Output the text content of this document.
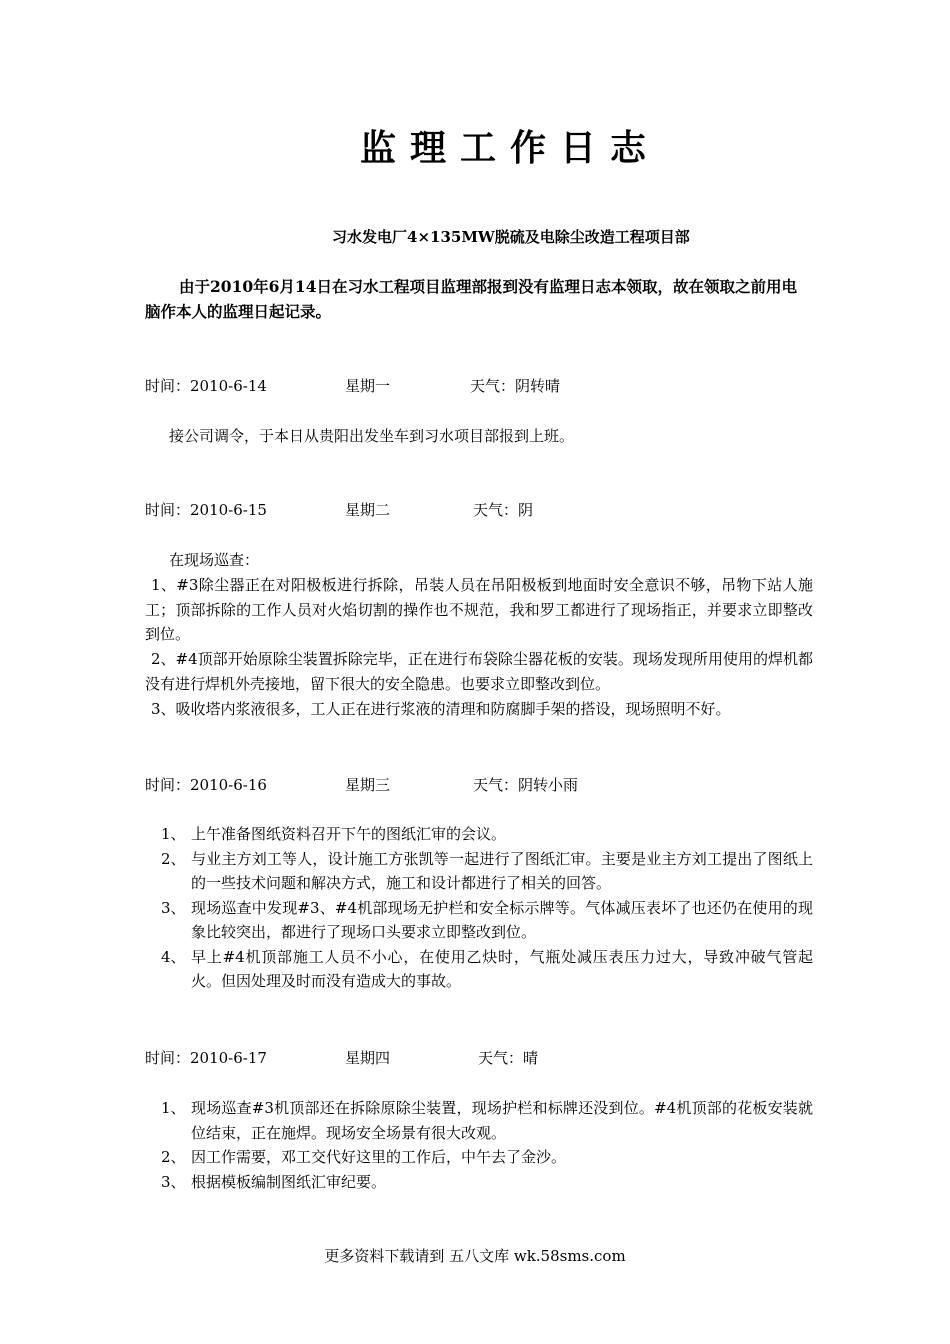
监理工作日志
习水发电厂4×135MW脱硫及电除尘改造工程项目部
由于2010年6月14日在习水工程项目监理部报到没有监理日志本领取，故在领取之前用电脑作本人的监理日起记录。
时间：2010-6-14	星期一	天气：阴转晴
接公司调令，于本日从贵阳出发坐车到习水项目部报到上班。
时间：2010-6-15	星期二	天气：阴
在现场巡查：
1、#3除尘器正在对阳极板进行拆除，吊装人员在吊阳极板到地面时安全意识不够，吊物下站人施工；顶部拆除的工作人员对火焰切割的操作也不规范，我和罗工都进行了现场指正，并要求立即整改到位。
2、#4顶部开始原除尘装置拆除完毕，正在进行布袋除尘器花板的安装。现场发现所用使用的焊机都没有进行焊机外壳接地，留下很大的安全隐患。也要求立即整改到位。
3、吸收塔内浆液很多，工人正在进行浆液的清理和防腐脚手架的搭设，现场照明不好。
时间：2010-6-16	星期三	天气：阴转小雨
1、 上午准备图纸资料召开下午的图纸汇审的会议。
2、 与业主方刘工等人，设计施工方张凯等一起进行了图纸汇审。主要是业主方刘工提出了图纸上的一些技术问题和解决方式，施工和设计都进行了相关的回答。
3、 现场巡查中发现#3、#4机部现场无护栏和安全标示牌等。气体减压表坏了也还仍在使用的现象比较突出，都进行了现场口头要求立即整改到位。
4、 早上#4机顶部施工人员不小心，在使用乙炔时，气瓶处减压表压力过大，导致冲破气管起火。但因处理及时而没有造成大的事故。
时间：2010-6-17	星期四	天气：晴
1、 现场巡查#3机顶部还在拆除原除尘装置，现场护栏和标牌还没到位。#4机顶部的花板安装就位结束，正在施焊。现场安全场景有很大改观。
2、 因工作需要，邓工交代好这里的工作后，中午去了金沙。
3、 根据模板编制图纸汇审纪要。
更多资料下载请到 五八文库 wk.58sms.com
